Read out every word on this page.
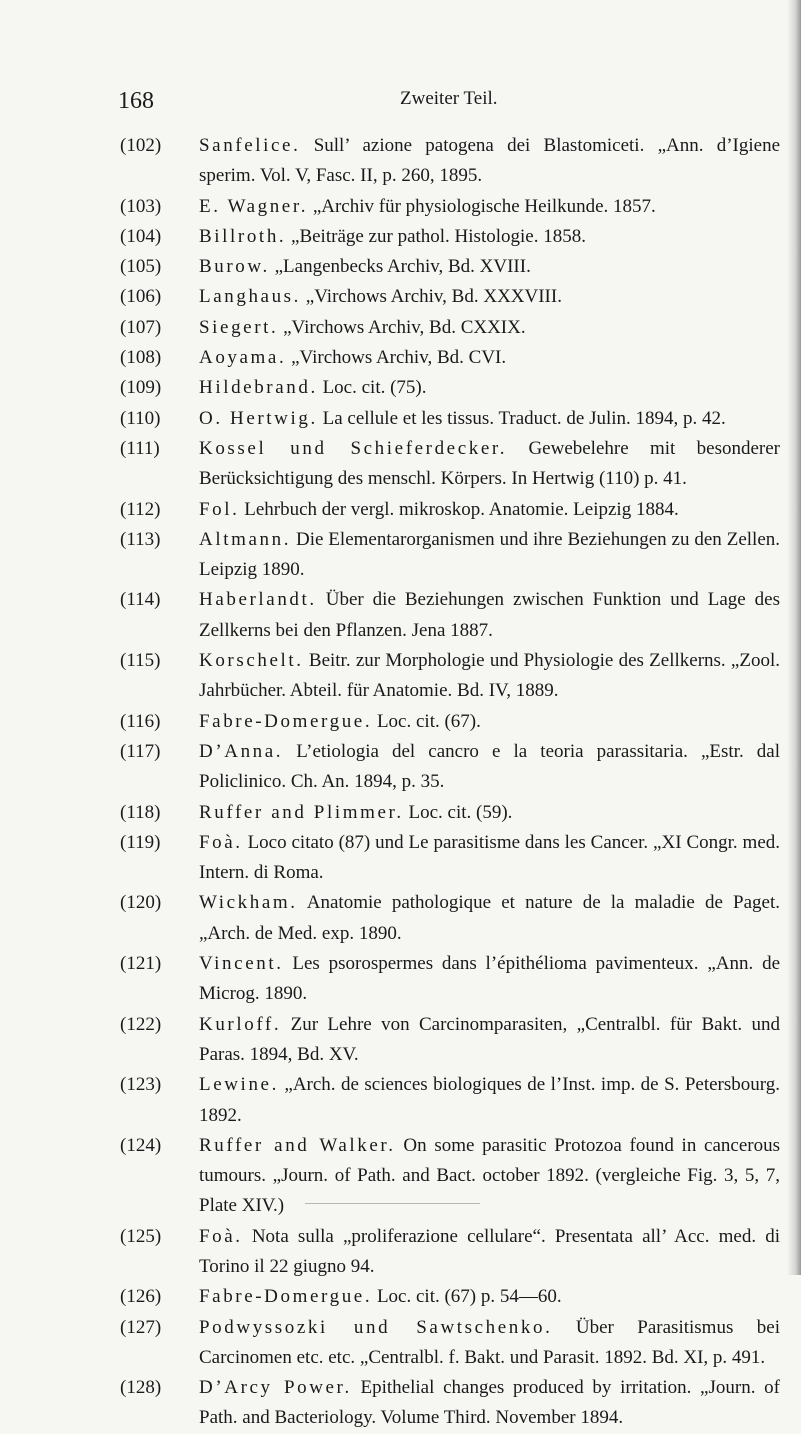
168	Zweiter Teil.
(102) Sanfelice. Sull’ azione patogena dei Blastomiceti. „Ann. d’Igiene sperim. Vol. V, Fasc. II, p. 260, 1895.
(103) E. Wagner. „Archiv für physiologische Heilkunde. 1857.
(104) Billroth. „Beiträge zur pathol. Histologie. 1858.
(105) Burow. „Langenbecks Archiv, Bd. XVIII.
(106) Langhaus. „Virchows Archiv, Bd. XXXVIII.
(107) Siegert. „Virchows Archiv, Bd. CXXIX.
(108) Aoyama. „Virchows Archiv, Bd. CVI.
(109) Hildebrand. Loc. cit. (75).
(110) O. Hertwig. La cellule et les tissus. Traduct. de Julin. 1894, p. 42.
(111) Kossel und Schieferdecker. Gewebelehre mit besonderer Berücksichtigung des menschl. Körpers. In Hertwig (110) p. 41.
(112) Fol. Lehrbuch der vergl. mikroskop. Anatomie. Leipzig 1884.
(113) Altmann. Die Elementarorganismen und ihre Beziehungen zu den Zellen. Leipzig 1890.
(114) Haberlandt. Über die Beziehungen zwischen Funktion und Lage des Zellkerns bei den Pflanzen. Jena 1887.
(115) Korschelt. Beitr. zur Morphologie und Physiologie des Zellkerns. „Zool. Jahrbücher. Abteil. für Anatomie. Bd. IV, 1889.
(116) Fabre-Domergue. Loc. cit. (67).
(117) D’Anna. L’etiologia del cancro e la teoria parassitaria. „Estr. dal Policlinico. Ch. An. 1894, p. 35.
(118) Ruffer and Plimmer. Loc. cit. (59).
(119) Foà. Loco citato (87) und Le parasitisme dans les Cancer. „XI Congr. med. Intern. di Roma.
(120) Wickham. Anatomie pathologique et nature de la maladie de Paget. „Arch. de Med. exp. 1890.
(121) Vincent. Les psorospermes dans l’épithélioma pavimenteux. „Ann. de Microg. 1890.
(122) Kurloff. Zur Lehre von Carcinomparasiten, „Centralbl. für Bakt. und Paras. 1894, Bd. XV.
(123) Lewine. „Arch. de sciences biologiques de l’Inst. imp. de S. Petersbourg. 1892.
(124) Ruffer and Walker. On some parasitic Protozoa found in cancerous tumours. „Journ. of Path. and Bact. october 1892. (vergleiche Fig. 3, 5, 7, Plate XIV.)
(125) Foà. Nota sulla „proliferazione cellulare“. Presentata all’ Acc. med. di Torino il 22 giugno 94.
(126) Fabre-Domergue. Loc. cit. (67) p. 54—60.
(127) Podwyssozki und Sawtschenko. Über Parasitismus bei Carcinomen etc. etc. „Centralbl. f. Bakt. und Parasit. 1892. Bd. XI, p. 491.
(128) D’Arcy Power. Epithelial changes produced by irritation. „Journ. of Path. and Bacteriology. Volume Third. November 1894.
